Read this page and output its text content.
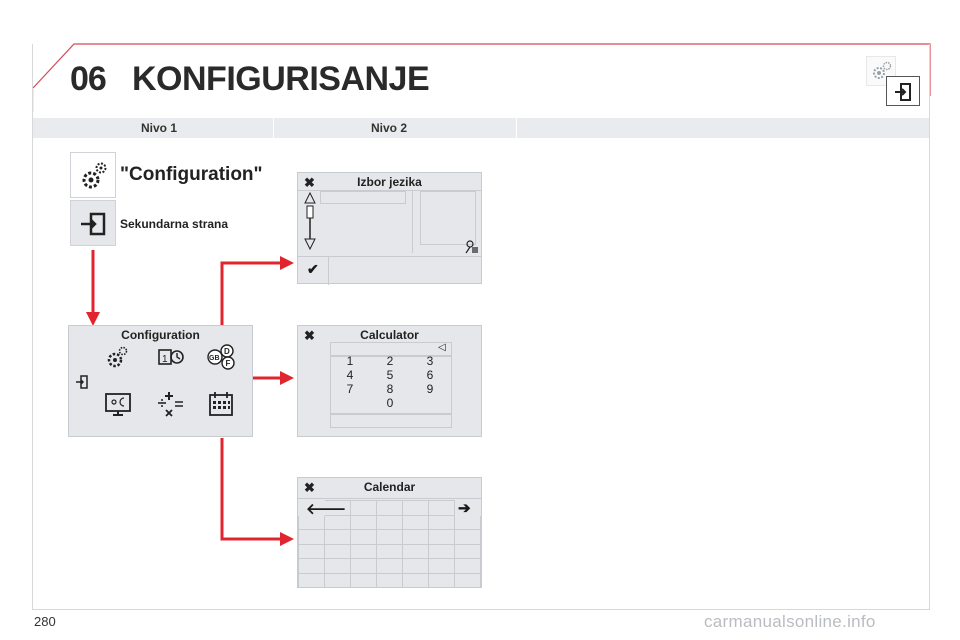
06 KONFIGURISANJE
Nivo 1	Nivo 2
"Configuration"
Sekundarna strana
Configuration
1
D
GB
F
✖	Izbor jezika
✔
✖	Calculator
◁
1	2	3
4	5	6
7	8	9
	0	
✖	Calendar
🡐	➔

280	carmanualsonline.info
